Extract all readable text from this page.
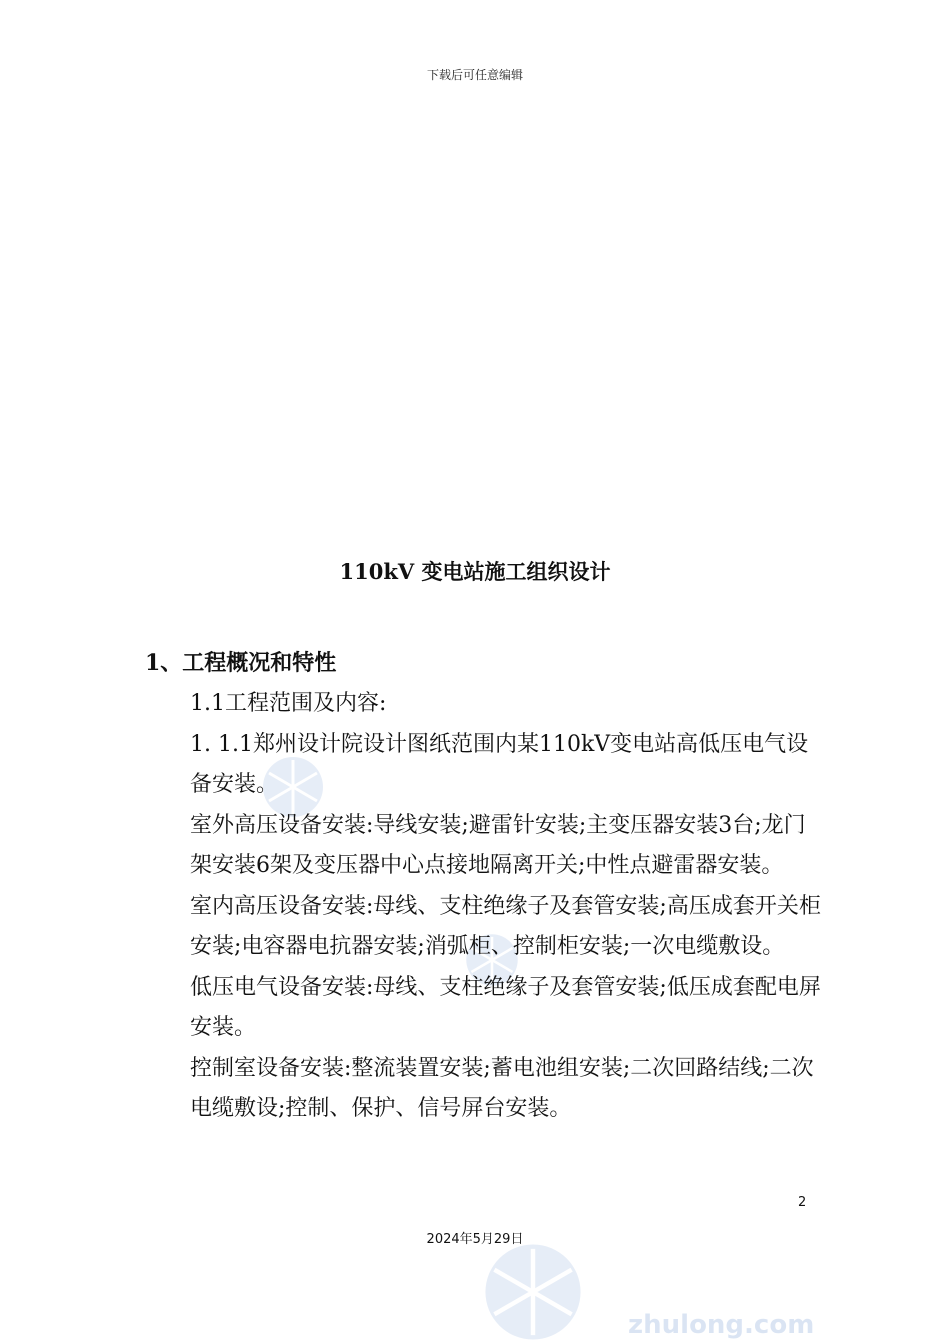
下载后可任意编辑
zhulong.com
110kV 变电站施工组织设计
1、工程概况和特性

1.1工程范围及内容:

1. 1.1郑州设计院设计图纸范围内某110kV变电站高低压电气设备安装。

室外高压设备安装:导线安装;避雷针安装;主变压器安装3台;龙门架安装6架及变压器中心点接地隔离开关;中性点避雷器安装。

室内高压设备安装:母线、支柱绝缘子及套管安装;高压成套开关柜安装;电容器电抗器安装;消弧柜、控制柜安装;一次电缆敷设。

低压电气设备安装:母线、支柱绝缘子及套管安装;低压成套配电屏安装。

控制室设备安装:整流装置安装;蓄电池组安装;二次回路结线;二次电缆敷设;控制、保护、信号屏台安装。

2
2024年5月29日
